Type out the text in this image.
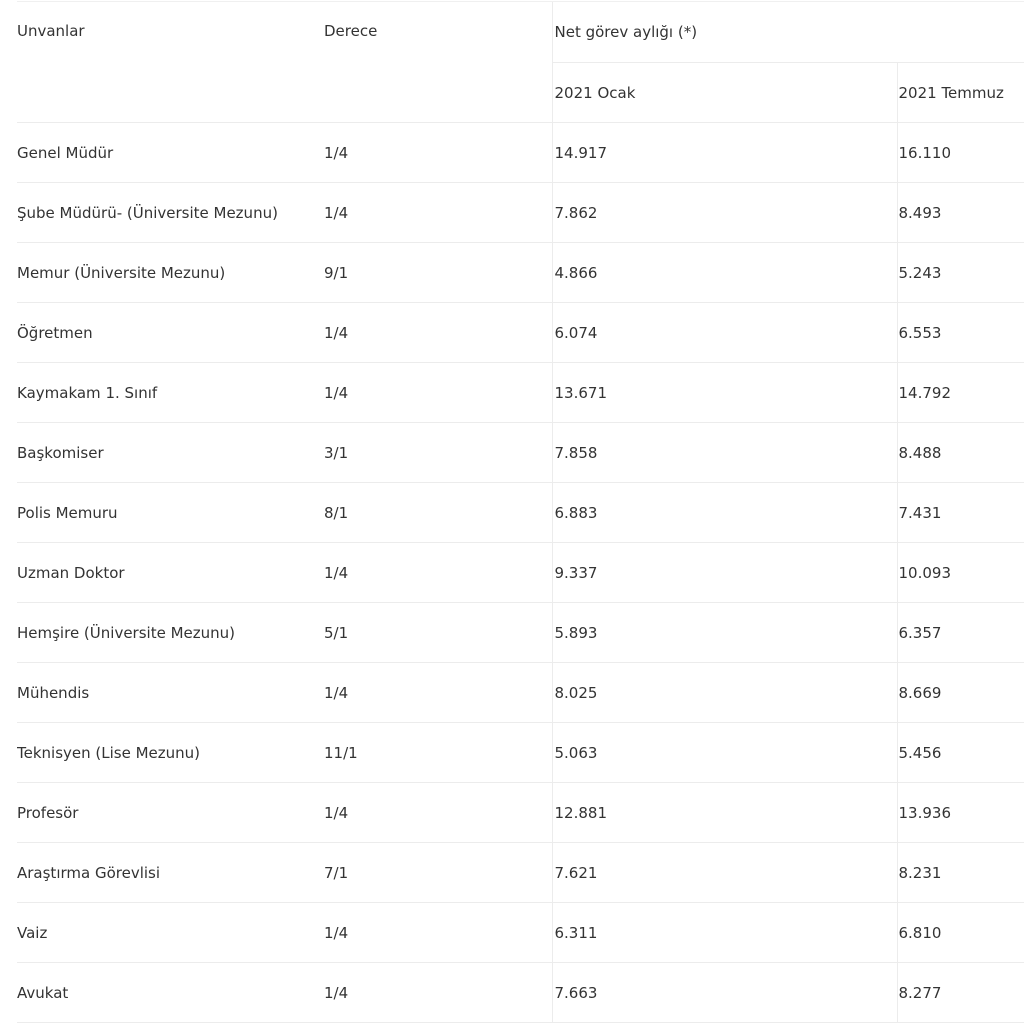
Unvanlar	Derece	Net görev aylığı (*)	
		2021 Ocak	2021 Temmuz
Genel Müdür	1/4	14.917	16.110
Şube Müdürü- (Üniversite Mezunu)	1/4	7.862	8.493
Memur (Üniversite Mezunu)	9/1	4.866	5.243
Öğretmen	1/4	6.074	6.553
Kaymakam 1. Sınıf	1/4	13.671	14.792
Başkomiser	3/1	7.858	8.488
Polis Memuru	8/1	6.883	7.431
Uzman Doktor	1/4	9.337	10.093
Hemşire (Üniversite Mezunu)	5/1	5.893	6.357
Mühendis	1/4	8.025	8.669
Teknisyen (Lise Mezunu)	11/1	5.063	5.456
Profesör	1/4	12.881	13.936
Araştırma Görevlisi	7/1	7.621	8.231
Vaiz	1/4	6.311	6.810
Avukat	1/4	7.663	8.277
